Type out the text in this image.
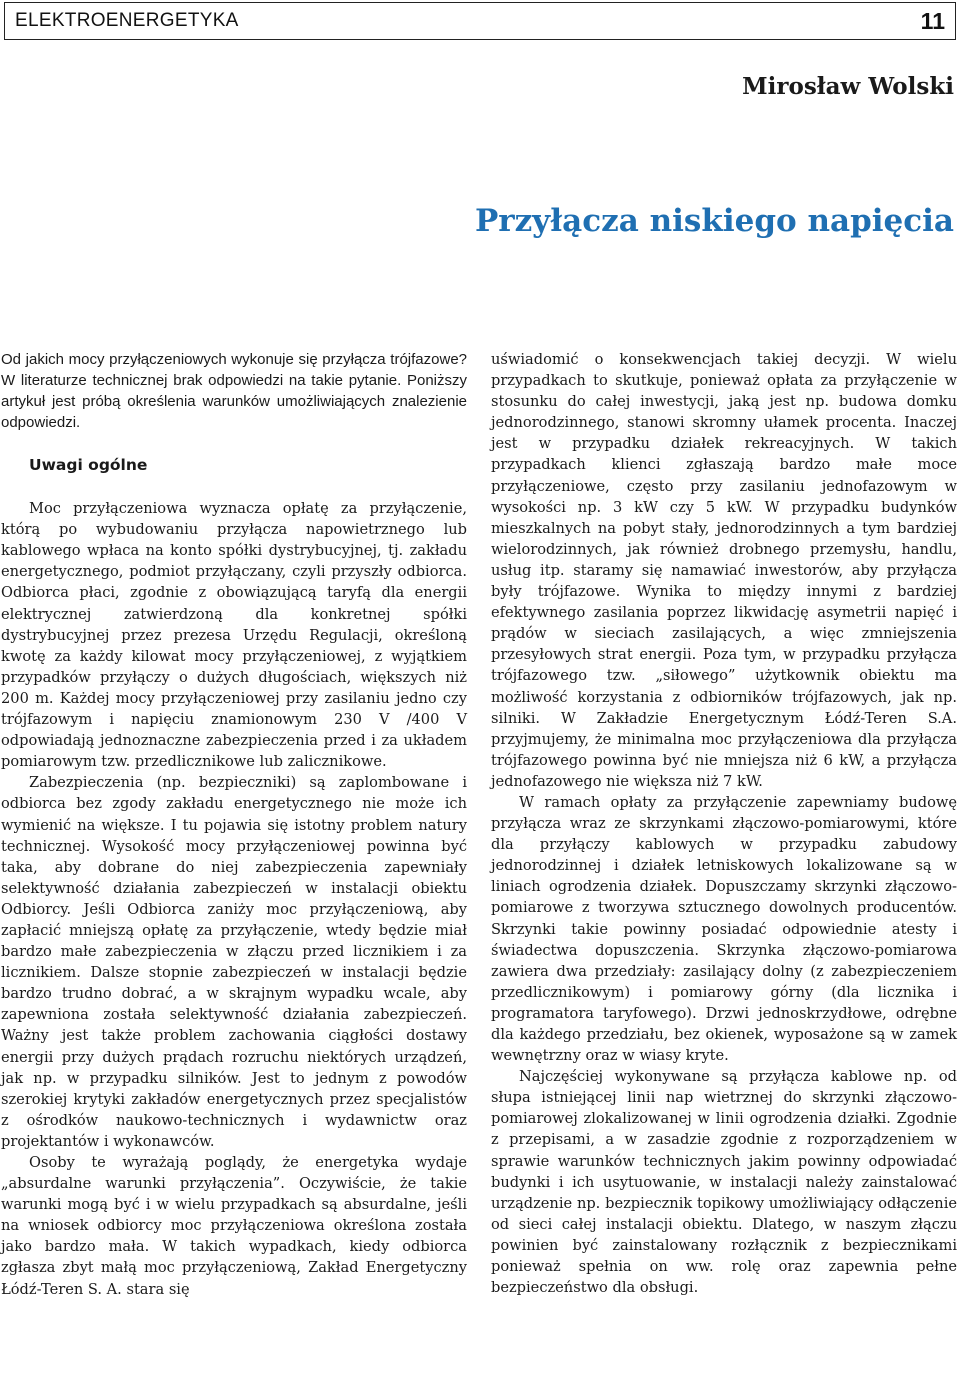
ELEKTROENERGETYKA	11
Mirosław Wolski
Przyłącza niskiego napięcia

Od jakich mocy przyłączeniowych wykonuje się przyłącza trójfazowe? W literaturze technicznej brak odpowiedzi na takie pytanie. Poniższy artykuł jest próbą określenia warunków umożliwiających znalezienie odpowiedzi.

Uwagi ogólne

Moc przyłączeniowa wyznacza opłatę za przyłączenie, którą po wybudowaniu przyłącza napowietrznego lub kablowego wpłaca na konto spółki dystrybucyjnej, tj. zakładu energetycznego, podmiot przyłączany, czyli przyszły odbiorca. Odbiorca płaci, zgodnie z obowiązującą taryfą dla energii elektrycznej zatwierdzoną dla konkretnej spółki dystrybucyjnej przez prezesa Urzędu Regulacji, określoną kwotę za każdy kilowat mocy przyłączeniowej, z wyjątkiem przypadków przyłączy o dużych długościach, większych niż 200 m. Każdej mocy przyłączeniowej przy zasilaniu jedno czy trójfazowym i napięciu znamionowym 230 V /400 V odpowiadają jednoznaczne zabezpieczenia przed i za układem pomiarowym tzw. przedlicznikowe lub zalicznikowe.

Zabezpieczenia (np. bezpieczniki) są zaplombowane i odbiorca bez zgody zakładu energetycznego nie może ich wymienić na większe. I tu pojawia się istotny problem natury technicznej. Wysokość mocy przyłączeniowej powinna być taka, aby dobrane do niej zabezpieczenia zapewniały selektywność działania zabezpieczeń w instalacji obiektu Odbiorcy. Jeśli Odbiorca zaniży moc przyłączeniową, aby zapłacić mniejszą opłatę za przyłączenie, wtedy będzie miał bardzo małe zabezpieczenia w złączu przed licznikiem i za licznikiem. Dalsze stopnie zabezpieczeń w instalacji będzie bardzo trudno dobrać, a w skrajnym wypadku wcale, aby zapewniona została selektywność działania zabezpieczeń. Ważny jest także problem zachowania ciągłości dostawy energii przy dużych prądach rozruchu niektórych urządzeń, jak np. w przypadku silników. Jest to jednym z powodów szerokiej krytyki zakładów energetycznych przez specjalistów z ośrodków naukowo-technicznych i wydawnictw oraz projektantów i wykonawców.

Osoby te wyrażają poglądy, że energetyka wydaje „absurdalne warunki przyłączenia”. Oczywiście, że takie warunki mogą być i w wielu przypadkach są absurdalne, jeśli na wniosek odbiorcy moc przyłączeniowa określona została jako bardzo mała. W takich wypadkach, kiedy odbiorca zgłasza zbyt małą moc przyłączeniową, Zakład Energetyczny Łódź-Teren S. A. stara się

uświadomić o konsekwencjach takiej decyzji. W wielu przypadkach to skutkuje, ponieważ opłata za przyłączenie w stosunku do całej inwestycji, jaką jest np. budowa domku jednorodzinnego, stanowi skromny ułamek procenta. Inaczej jest w przypadku działek rekreacyjnych. W takich przypadkach klienci zgłaszają bardzo małe moce przyłączeniowe, często przy zasilaniu jednofazowym w wysokości np. 3 kW czy 5 kW. W przypadku budynków mieszkalnych na pobyt stały, jednorodzinnych a tym bardziej wielorodzinnych, jak również drobnego przemysłu, handlu, usług itp. staramy się namawiać inwestorów, aby przyłącza były trójfazowe. Wynika to między innymi z bardziej efektywnego zasilania poprzez likwidację asymetrii napięć i prądów w sieciach zasilających, a więc zmniejszenia przesyłowych strat energii. Poza tym, w przypadku przyłącza trójfazowego tzw. „siłowego” użytkownik obiektu ma możliwość korzystania z odbiorników trójfazowych, jak np. silniki. W Zakładzie Energetycznym Łódź-Teren S.A. przyjmujemy, że minimalna moc przyłączeniowa dla przyłącza trójfazowego powinna być nie mniejsza niż 6 kW, a przyłącza jednofazowego nie większa niż 7 kW.

W ramach opłaty za przyłączenie zapewniamy budowę przyłącza wraz ze skrzynkami złączowo-pomiarowymi, które dla przyłączy kablowych w przypadku zabudowy jednorodzinnej i działek letniskowych lokalizowane są w liniach ogrodzenia działek. Dopuszczamy skrzynki złączowo-pomiarowe z tworzywa sztucznego dowolnych producentów. Skrzynki takie powinny posiadać odpowiednie atesty i świadectwa dopuszczenia. Skrzynka złączowo-pomiarowa zawiera dwa przedziały: zasilający dolny (z zabezpieczeniem przedlicznikowym) i pomiarowy górny (dla licznika i programatora taryfowego). Drzwi jednoskrzydłowe, odrębne dla każdego przedziału, bez okienek, wyposażone są w zamek wewnętrzny oraz w wiasy kryte.

Najczęściej wykonywane są przyłącza kablowe np. od słupa istniejącej linii nap wietrznej do skrzynki złączowo-pomiarowej zlokalizowanej w linii ogrodzenia działki. Zgodnie z przepisami, a w zasadzie zgodnie z rozporządzeniem w sprawie warunków technicznych jakim powinny odpowiadać budynki i ich usytuowanie, w instalacji należy zainstalować urządzenie np. bezpiecznik topikowy umożliwiający odłączenie od sieci całej instalacji obiektu. Dlatego, w naszym złączu powinien być zainstalowany rozłącznik z bezpiecznikami ponieważ spełnia on ww. rolę oraz zapewnia pełne bezpieczeństwo dla obsługi.
